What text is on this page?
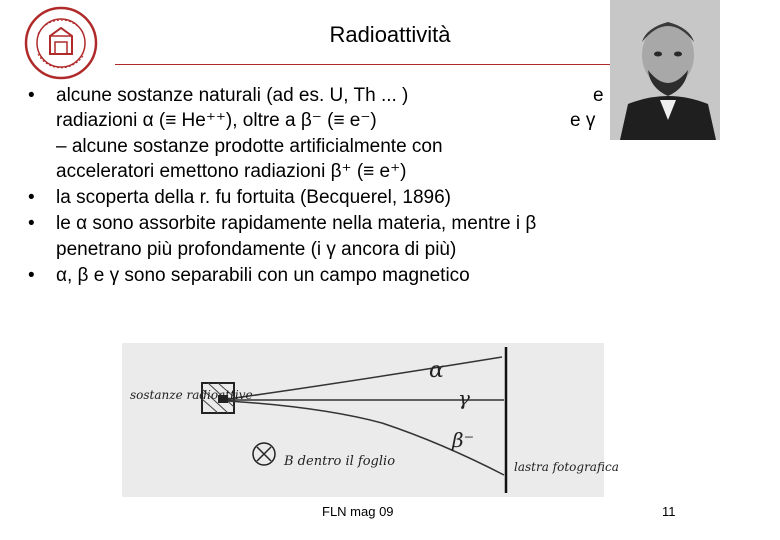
Radioattività
• alcune sostanze naturali (ad es. U, Th ... )	e
radiazioni α (≡ He⁺⁺), oltre a β⁻ (≡ e⁻)	e γ
– alcune sostanze prodotte artificialmente con
acceleratori emettono radiazioni β⁺ (≡ e⁺)
• la scoperta della r. fu fortuita (Becquerel, 1896)
• le α sono assorbite rapidamente nella materia, mentre i β
penetrano più profondamente (i γ ancora di più)
• α, β e γ sono separabili con un campo magnetico
α
γ
β⁻
sostanze radioattive
B dentro il foglio	lastra fotografica
FLN mag 09	11
